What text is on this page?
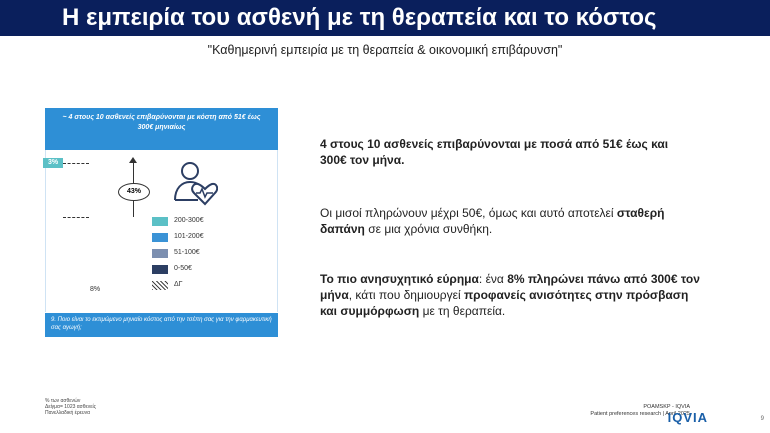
Η εμπειρία του ασθενή με τη θεραπεία και το κόστος
"Καθημερινή εμπειρία με τη θεραπεία & οικονομική επιβάρυνση"
~ 4 στους 10 ασθενείς επιβαρύνονται με κόστη από 51€ έως 300€ μηνιαίως
3%
43%
200-300€
101-200€
51-100€
0-50€
ΔΓ
8%
9. Ποιο είναι το εκτιμώμενο μηνιαίο κόστος από την τσέπη σας για την φαρμακευτική σας αγωγή;
4 στους 10 ασθενείς επιβαρύνονται με ποσά από 51€ έως και 300€ τον μήνα.
Οι μισοί πληρώνουν μέχρι 50€, όμως και αυτό αποτελεί σταθερή δαπάνη σε μια χρόνια συνθήκη.
Το πιο ανησυχητικό εύρημα: ένα 8% πληρώνει πάνω από 300€ τον μήνα, κάτι που δημιουργεί προφανείς ανισότητες στην πρόσβαση και συμμόρφωση με τη θεραπεία.
% των ασθενών
Δείγμα= 1023 ασθενείς
Πανελλαδική έρευνα
POAMSKP - IQVIA
Patient preferences research | April 2025
IQVIA	9
